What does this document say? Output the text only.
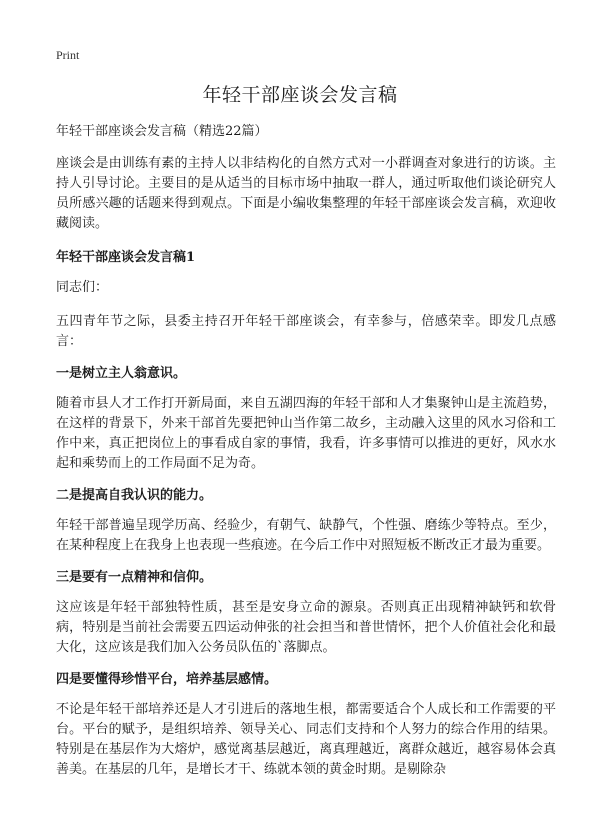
Print
年轻干部座谈会发言稿

年轻干部座谈会发言稿（精选22篇）

座谈会是由训练有素的主持人以非结构化的自然方式对一小群调查对象进行的访谈。主持人引导讨论。主要目的是从适当的目标市场中抽取一群人，通过听取他们谈论研究人员所感兴趣的话题来得到观点。下面是小编收集整理的年轻干部座谈会发言稿，欢迎收藏阅读。

年轻干部座谈会发言稿1

同志们：

五四青年节之际，县委主持召开年轻干部座谈会，有幸参与，倍感荣幸。即发几点感言：

一是树立主人翁意识。

随着市县人才工作打开新局面，来自五湖四海的年轻干部和人才集聚钟山是主流趋势，在这样的背景下，外来干部首先要把钟山当作第二故乡，主动融入这里的风水习俗和工作中来，真正把岗位上的事看成自家的事情，我看，许多事情可以推进的更好，风水水起和乘势而上的工作局面不足为奇。

二是提高自我认识的能力。

年轻干部普遍呈现学历高、经验少，有朝气、缺静气，个性强、磨练少等特点。至少，在某种程度上在我身上也表现一些痕迹。在今后工作中对照短板不断改正才最为重要。

三是要有一点精神和信仰。

这应该是年轻干部独特性质，甚至是安身立命的源泉。否则真正出现精神缺钙和软骨病，特别是当前社会需要五四运动伸张的社会担当和普世情怀，把个人价值社会化和最大化，这应该是我们加入公务员队伍的`落脚点。

四是要懂得珍惜平台，培养基层感情。

不论是年轻干部培养还是人才引进后的落地生根，都需要适合个人成长和工作需要的平台。平台的赋予，是组织培养、领导关心、同志们支持和个人努力的综合作用的结果。特别是在基层作为大熔炉，感觉离基层越近，离真理越近，离群众越近，越容易体会真善美。在基层的几年，是增长才干、练就本领的黄金时期。是剔除杂
